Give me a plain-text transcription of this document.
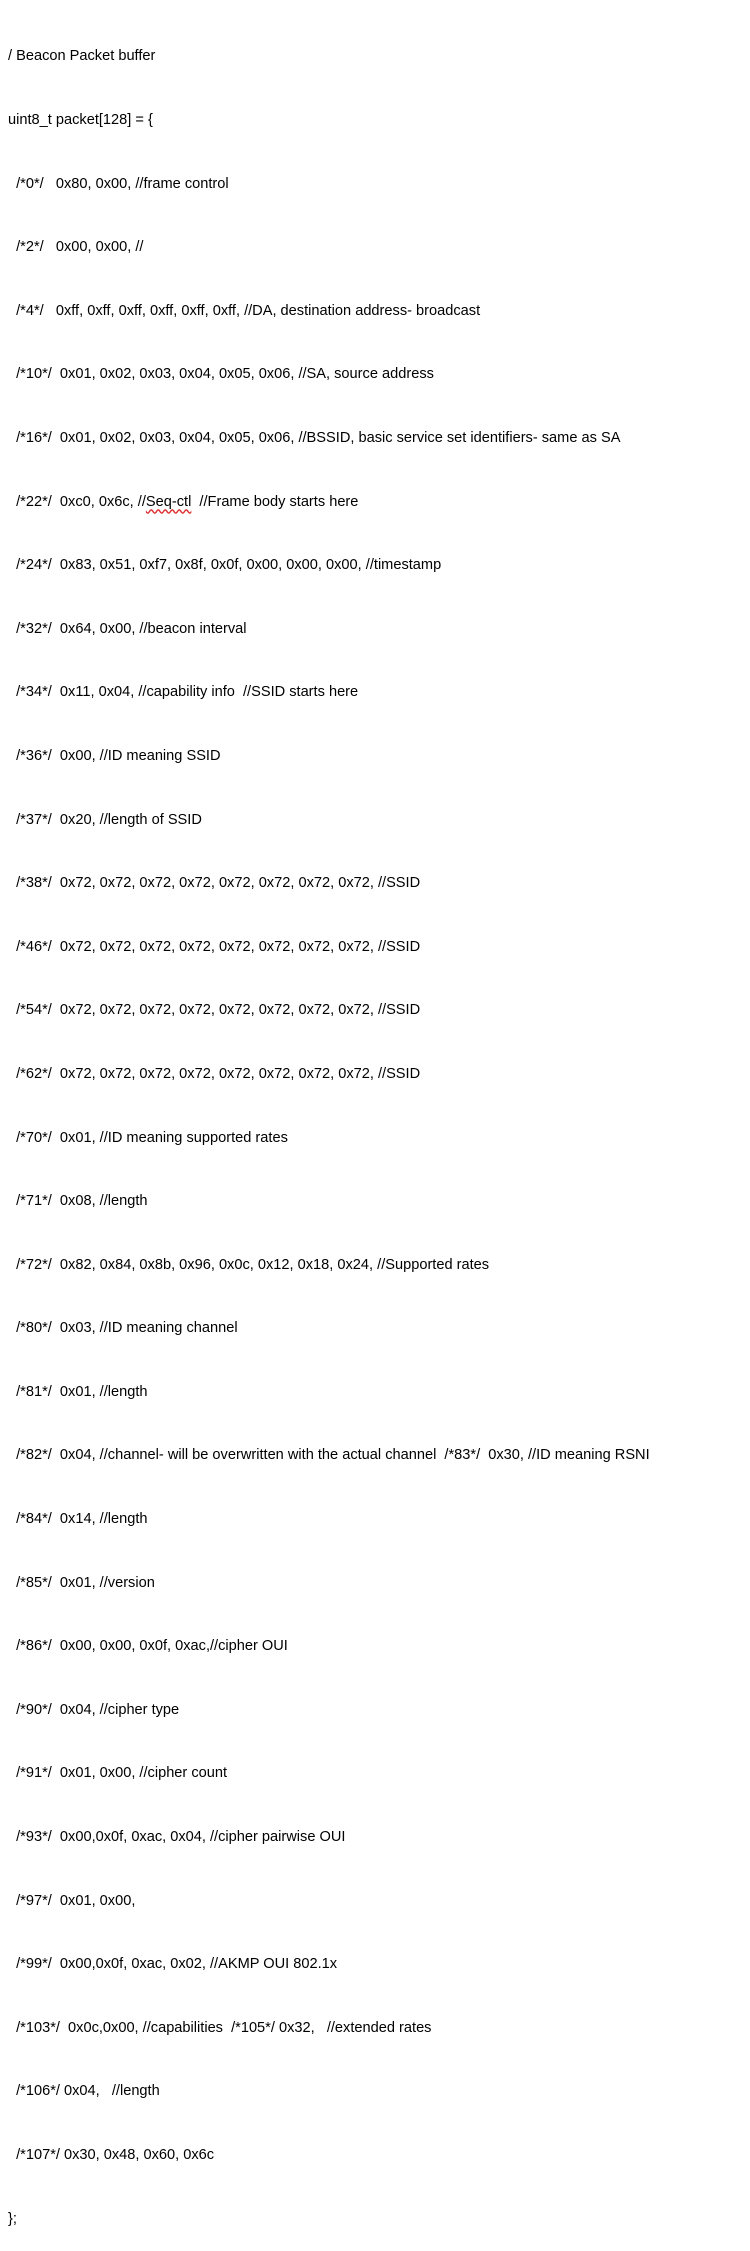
/ Beacon Packet buffer

uint8_t packet[128] = {

/*0*/   0x80, 0x00, //frame control

/*2*/   0x00, 0x00, //

/*4*/   0xff, 0xff, 0xff, 0xff, 0xff, 0xff, //DA, destination address- broadcast

/*10*/  0x01, 0x02, 0x03, 0x04, 0x05, 0x06, //SA, source address

/*16*/  0x01, 0x02, 0x03, 0x04, 0x05, 0x06, //BSSID, basic service set identifiers- same as SA

/*22*/  0xc0, 0x6c, //Seq-ctl  //Frame body starts here

/*24*/  0x83, 0x51, 0xf7, 0x8f, 0x0f, 0x00, 0x00, 0x00, //timestamp

/*32*/  0x64, 0x00, //beacon interval

/*34*/  0x11, 0x04, //capability info  //SSID starts here

/*36*/  0x00, //ID meaning SSID

/*37*/  0x20, //length of SSID

/*38*/  0x72, 0x72, 0x72, 0x72, 0x72, 0x72, 0x72, 0x72, //SSID

/*46*/  0x72, 0x72, 0x72, 0x72, 0x72, 0x72, 0x72, 0x72, //SSID

/*54*/  0x72, 0x72, 0x72, 0x72, 0x72, 0x72, 0x72, 0x72, //SSID

/*62*/  0x72, 0x72, 0x72, 0x72, 0x72, 0x72, 0x72, 0x72, //SSID

/*70*/  0x01, //ID meaning supported rates

/*71*/  0x08, //length

/*72*/  0x82, 0x84, 0x8b, 0x96, 0x0c, 0x12, 0x18, 0x24, //Supported rates

/*80*/  0x03, //ID meaning channel

/*81*/  0x01, //length

/*82*/  0x04, //channel- will be overwritten with the actual channel  /*83*/  0x30, //ID meaning RSNI

/*84*/  0x14, //length

/*85*/  0x01, //version

/*86*/  0x00, 0x00, 0x0f, 0xac,//cipher OUI

/*90*/  0x04, //cipher type

/*91*/  0x01, 0x00, //cipher count

/*93*/  0x00,0x0f, 0xac, 0x04, //cipher pairwise OUI

/*97*/  0x01, 0x00,

/*99*/  0x00,0x0f, 0xac, 0x02, //AKMP OUI 802.1x

/*103*/  0x0c,0x00, //capabilities  /*105*/ 0x32,   //extended rates

/*106*/ 0x04,   //length

/*107*/ 0x30, 0x48, 0x60, 0x6c

};
